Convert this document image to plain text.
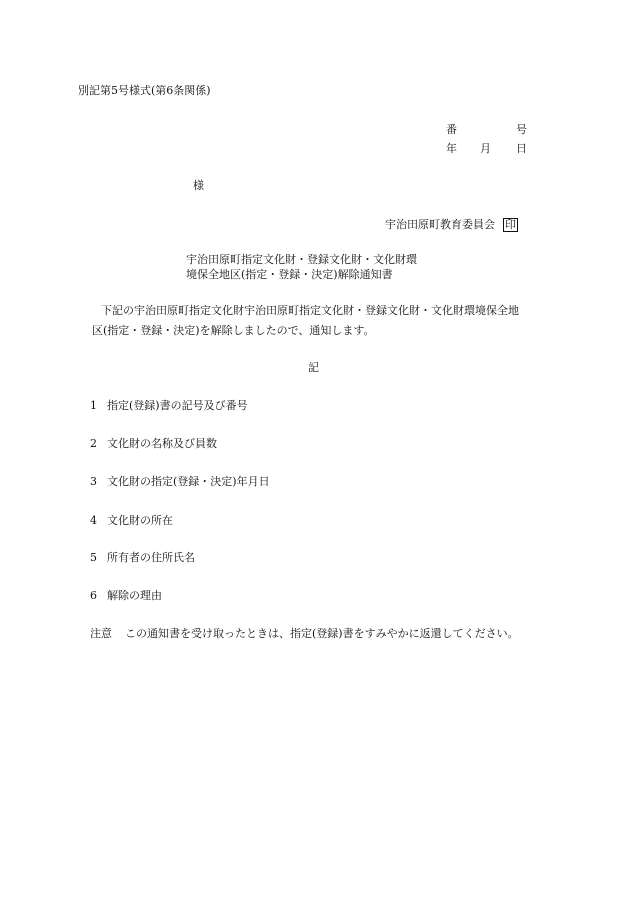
別記第5号様式(第6条関係)
番	号
年 月 日
様
宇治田原町教育委員会 印
宇治田原町指定文化財・登録文化財・文化財環
境保全地区(指定・登録・決定)解除通知書
下記の宇治田原町指定文化財宇治田原町指定文化財・登録文化財・文化財環境保全地
区(指定・登録・決定)を解除しましたので、通知します。
記
1 指定(登録)書の記号及び番号
2 文化財の名称及び員数
3 文化財の指定(登録・決定)年月日
4 文化財の所在
5 所有者の住所氏名
6 解除の理由
注意 この通知書を受け取ったときは、指定(登録)書をすみやかに返還してください。
